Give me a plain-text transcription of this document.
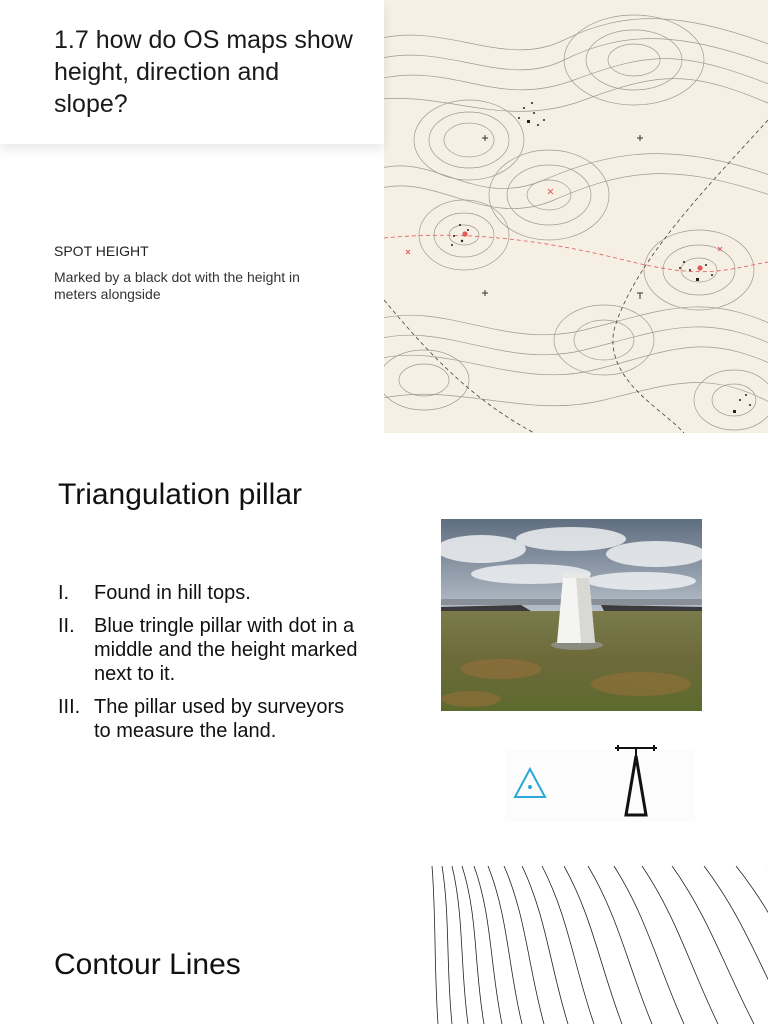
1.7 how do OS maps show height, direction and slope?
SPOT HEIGHT
Marked by a black dot with the height in meters alongside
Triangulation pillar
I.	Found in hill tops.
II. Blue tringle pillar with dot in a middle and the height marked next to it.
III. The pillar used by surveyors to measure the land.
Contour Lines
